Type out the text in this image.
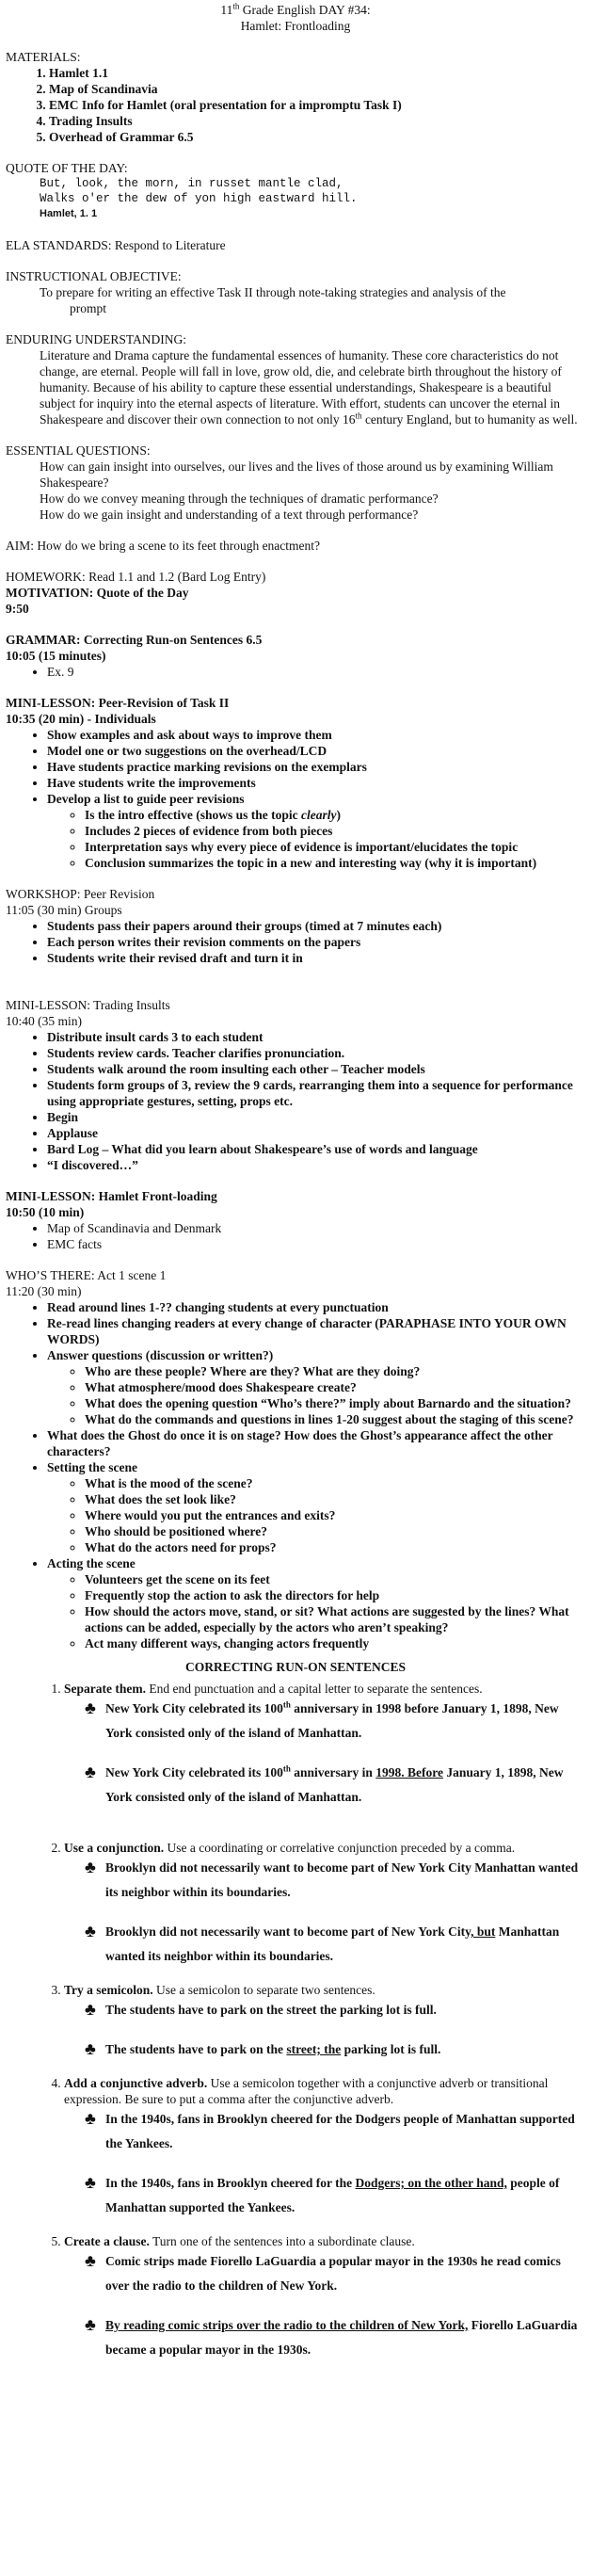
11th Grade English DAY #34:
Hamlet: Frontloading
MATERIALS:
1. Hamlet 1.1
2. Map of Scandinavia
3. EMC Info for Hamlet (oral presentation for a impromptu Task I)
4. Trading Insults
5. Overhead of Grammar 6.5
QUOTE OF THE DAY:
But, look, the morn, in russet mantle clad,
Walks o'er the dew of yon high eastward hill.
Hamlet, 1. 1
ELA STANDARDS: Respond to Literature
INSTRUCTIONAL OBJECTIVE:
To prepare for writing an effective Task II through note-taking strategies and analysis of the
prompt
ENDURING UNDERSTANDING:
Literature and Drama capture the fundamental essences of humanity. These core characteristics do not change, are eternal. People will fall in love, grow old, die, and celebrate birth throughout the history of humanity. Because of his ability to capture these essential understandings, Shakespeare is a beautiful subject for inquiry into the eternal aspects of literature. With effort, students can uncover the eternal in Shakespeare and discover their own connection to not only 16th century England, but to humanity as well.
ESSENTIAL QUESTIONS:
How can gain insight into ourselves, our lives and the lives of those around us by examining William Shakespeare?
How do we convey meaning through the techniques of dramatic performance?
How do we gain insight and understanding of a text through performance?
AIM: How do we bring a scene to its feet through enactment?
HOMEWORK: Read 1.1 and 1.2 (Bard Log Entry)
MOTIVATION: Quote of the Day
9:50
GRAMMAR: Correcting Run-on Sentences 6.5
10:05 (15 minutes)
• Ex. 9
MINI-LESSON: Peer-Revision of Task II
10:35 (20 min) - Individuals
• Show examples and ask about ways to improve them
• Model one or two suggestions on the overhead/LCD
• Have students practice marking revisions on the exemplars
• Have students write the improvements
• Develop a list to guide peer revisions
◦ Is the intro effective (shows us the topic clearly)
◦ Includes 2 pieces of evidence from both pieces
◦ Interpretation says why every piece of evidence is important/elucidates the topic
◦ Conclusion summarizes the topic in a new and interesting way (why it is important)
WORKSHOP: Peer Revision
11:05 (30 min) Groups
• Students pass their papers around their groups (timed at 7 minutes each)
• Each person writes their revision comments on the papers
• Students write their revised draft and turn it in
MINI-LESSON: Trading Insults
10:40 (35 min)
• Distribute insult cards 3 to each student
• Students review cards. Teacher clarifies pronunciation.
• Students walk around the room insulting each other – Teacher models
• Students form groups of 3, review the 9 cards, rearranging them into a sequence for performance using appropriate gestures, setting, props etc.
• Begin
• Applause
• Bard Log – What did you learn about Shakespeare’s use of words and language
• “I discovered…”
MINI-LESSON: Hamlet Front-loading
10:50 (10 min)
• Map of Scandinavia and Denmark
• EMC facts
WHO’S THERE: Act 1 scene 1
11:20 (30 min)
• Read around lines 1-?? changing students at every punctuation
• Re-read lines changing readers at every change of character (PARAPHASE INTO YOUR OWN WORDS)
• Answer questions (discussion or written?)
◦ Who are these people? Where are they? What are they doing?
◦ What atmosphere/mood does Shakespeare create?
◦ What does the opening question “Who’s there?” imply about Barnardo and the situation?
◦ What do the commands and questions in lines 1-20 suggest about the staging of this scene?
• What does the Ghost do once it is on stage? How does the Ghost’s appearance affect the other characters?
• Setting the scene
◦ What is the mood of the scene?
◦ What does the set look like?
◦ Where would you put the entrances and exits?
◦ Who should be positioned where?
◦ What do the actors need for props?
• Acting the scene
◦ Volunteers get the scene on its feet
◦ Frequently stop the action to ask the directors for help
◦ How should the actors move, stand, or sit? What actions are suggested by the lines? What actions can be added, especially by the actors who aren’t speaking?
◦ Act many different ways, changing actors frequently
CORRECTING RUN-ON SENTENCES
1. Separate them. End end punctuation and a capital letter to separate the sentences.
♣ New York City celebrated its 100th anniversary in 1998 before January 1, 1898, New York consisted only of the island of Manhattan.
♣ New York City celebrated its 100th anniversary in 1998. Before January 1, 1898, New York consisted only of the island of Manhattan.
2. Use a conjunction. Use a coordinating or correlative conjunction preceded by a comma.
♣ Brooklyn did not necessarily want to become part of New York City Manhattan wanted its neighbor within its boundaries.
♣ Brooklyn did not necessarily want to become part of New York City, but Manhattan wanted its neighbor within its boundaries.
3. Try a semicolon. Use a semicolon to separate two sentences.
♣ The students have to park on the street the parking lot is full.
♣ The students have to park on the street; the parking lot is full.
4. Add a conjunctive adverb. Use a semicolon together with a conjunctive adverb or transitional expression. Be sure to put a comma after the conjunctive adverb.
♣ In the 1940s, fans in Brooklyn cheered for the Dodgers people of Manhattan supported the Yankees.
♣ In the 1940s, fans in Brooklyn cheered for the Dodgers; on the other hand, people of Manhattan supported the Yankees.
5. Create a clause. Turn one of the sentences into a subordinate clause.
♣ Comic strips made Fiorello LaGuardia a popular mayor in the 1930s he read comics over the radio to the children of New York.
♣ By reading comic strips over the radio to the children of New York, Fiorello LaGuardia became a popular mayor in the 1930s.
